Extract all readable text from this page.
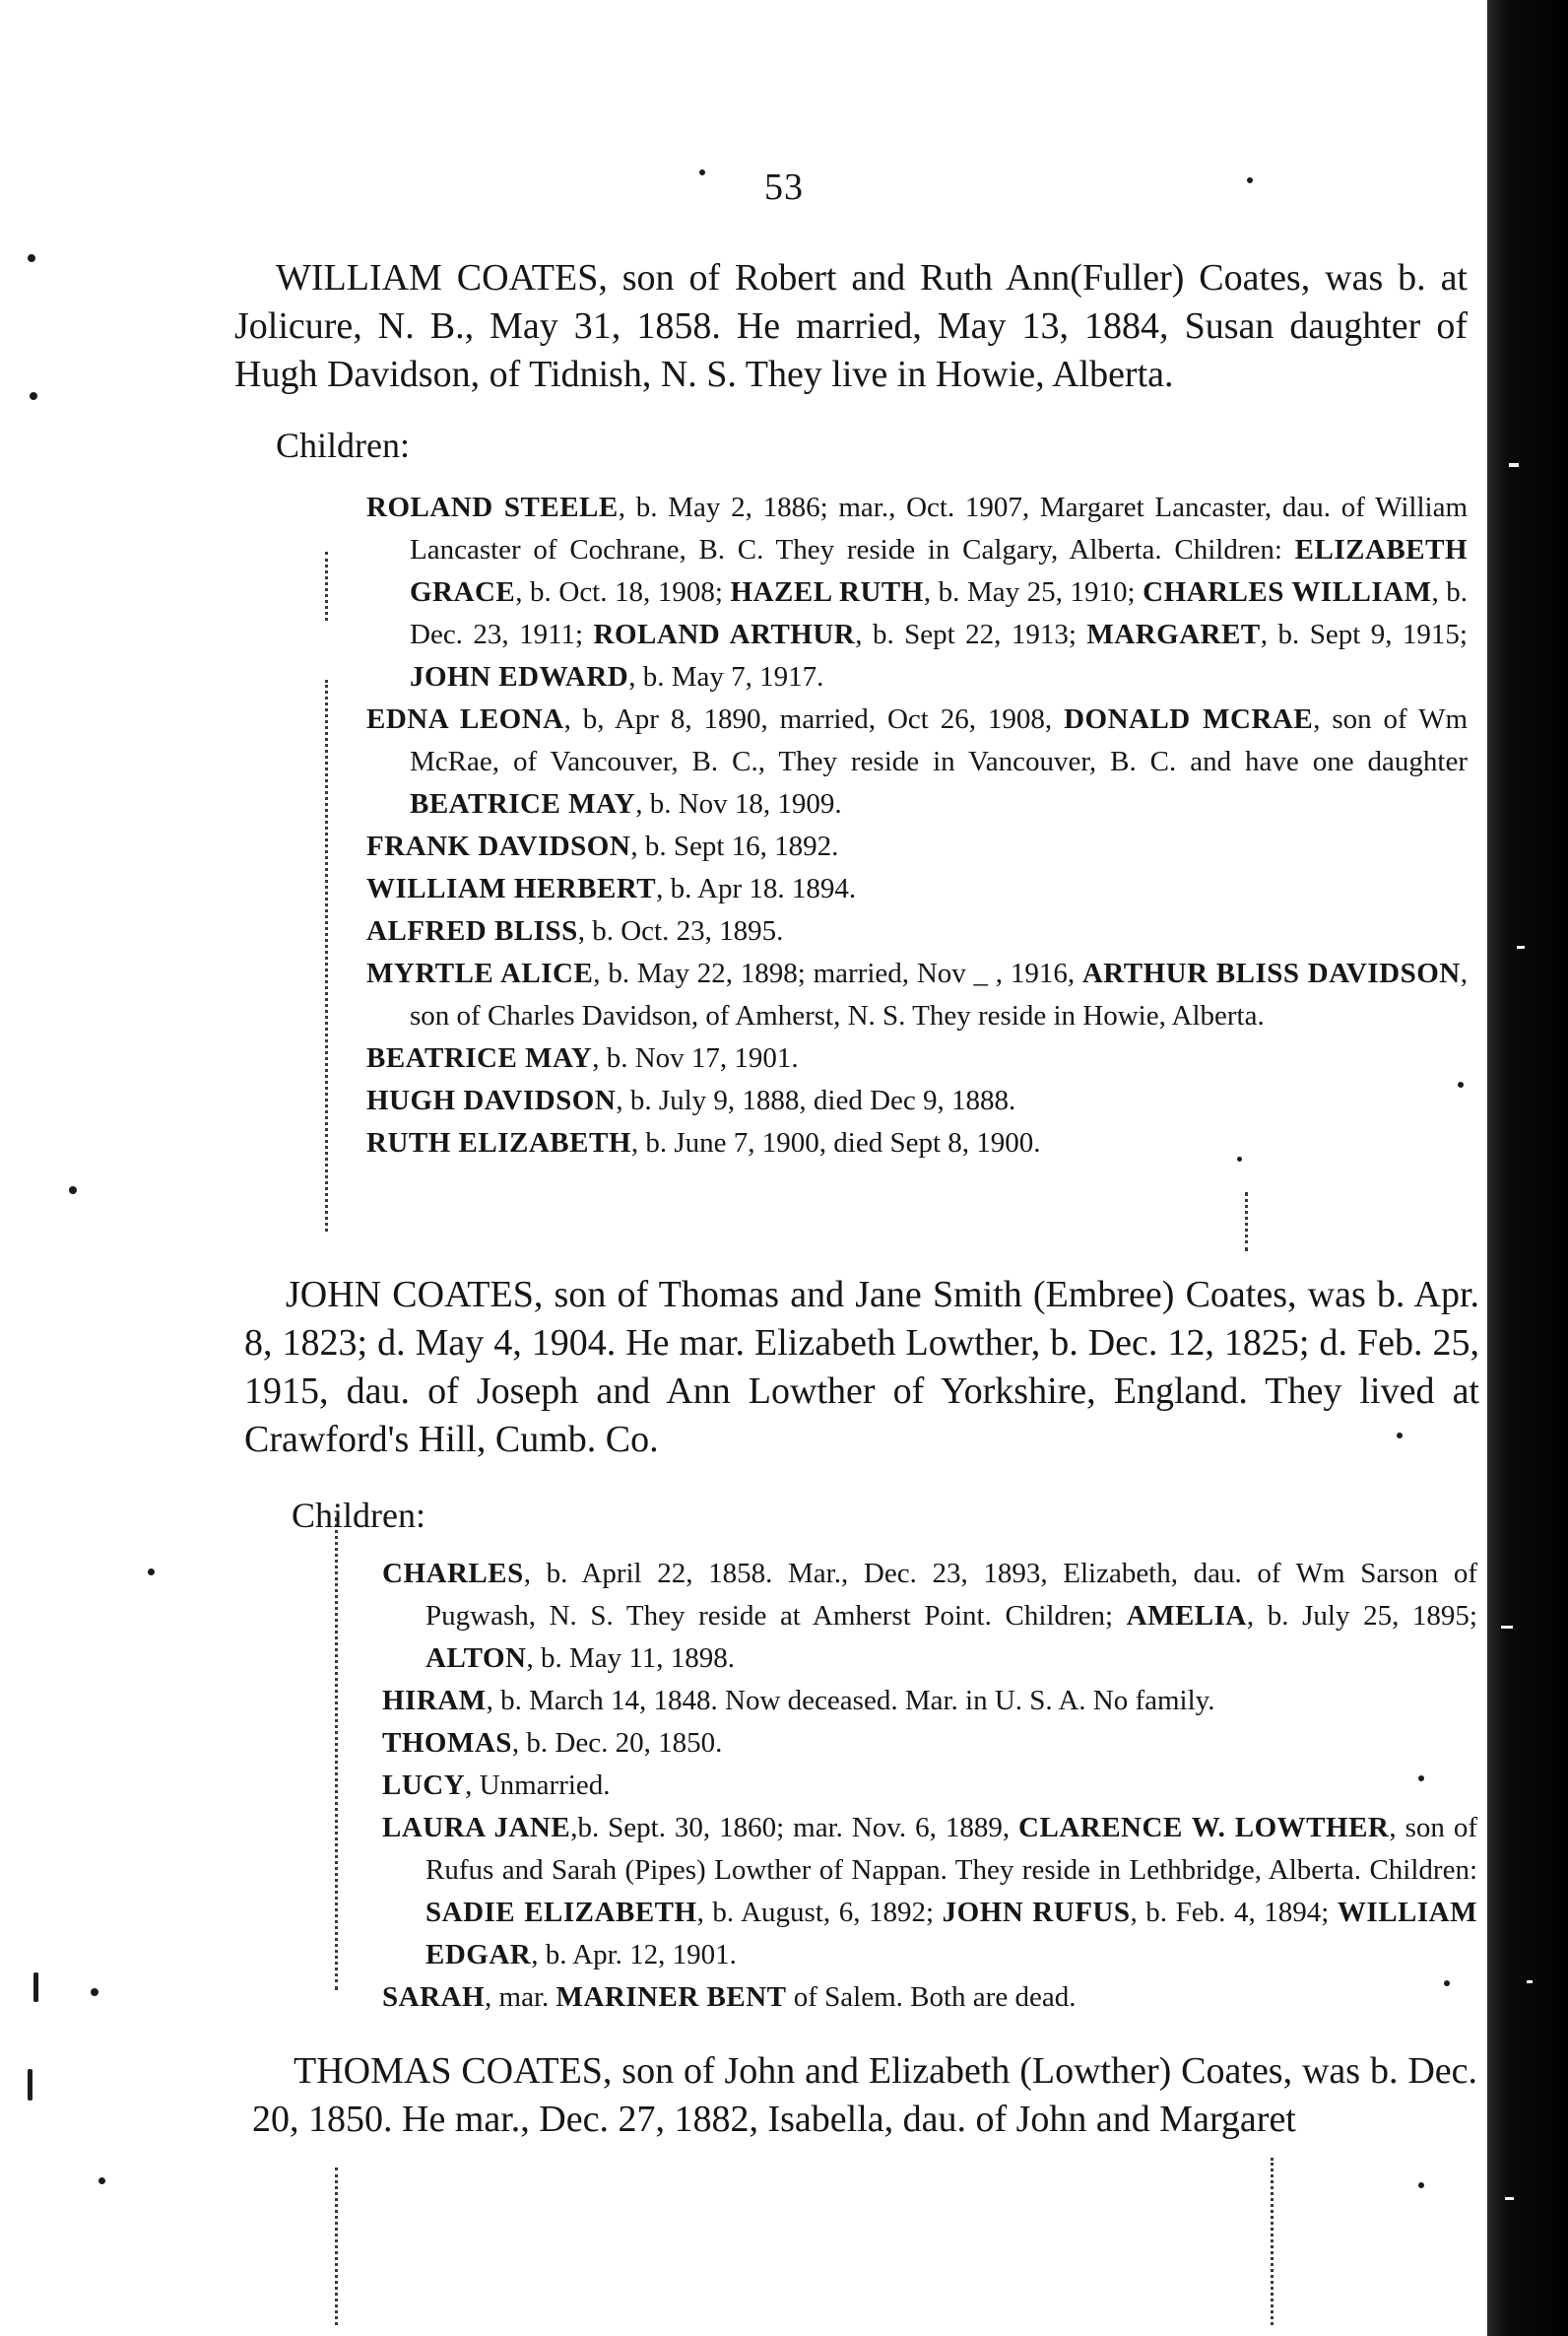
53

WILLIAM COATES, son of Robert and Ruth Ann(Fuller) Coates, was b. at Jolicure, N. B., May 31, 1858. He married, May 13, 1884, Susan daughter of Hugh Davidson, of Tidnish, N. S. They live in Howie, Alberta.

Children:
ROLAND STEELE, b. May 2, 1886; mar., Oct. 1907, Margaret Lancaster, dau. of William Lancaster of Cochrane, B. C. They reside in Calgary, Alberta. Children: ELIZABETH GRACE, b. Oct. 18, 1908; HAZEL RUTH, b. May 25, 1910; CHARLES WILLIAM, b. Dec. 23, 1911; ROLAND ARTHUR, b. Sept 22, 1913; MARGARET, b. Sept 9, 1915; JOHN EDWARD, b. May 7, 1917.
EDNA LEONA, b, Apr 8, 1890, married, Oct 26, 1908, DONALD MCRAE, son of Wm McRae, of Vancouver, B. C., They reside in Vancouver, B. C. and have one daughter BEATRICE MAY, b. Nov 18, 1909.
FRANK DAVIDSON, b. Sept 16, 1892.
WILLIAM HERBERT, b. Apr 18. 1894.
ALFRED BLISS, b. Oct. 23, 1895.
MYRTLE ALICE, b. May 22, 1898; married, Nov _ , 1916, ARTHUR BLISS DAVIDSON, son of Charles Davidson, of Amherst, N. S. They reside in Howie, Alberta.
BEATRICE MAY, b. Nov 17, 1901.
HUGH DAVIDSON, b. July 9, 1888, died Dec 9, 1888.
RUTH ELIZABETH, b. June 7, 1900, died Sept 8, 1900.

JOHN COATES, son of Thomas and Jane Smith (Embree) Coates, was b. Apr. 8, 1823; d. May 4, 1904. He mar. Elizabeth Lowther, b. Dec. 12, 1825; d. Feb. 25, 1915, dau. of Joseph and Ann Lowther of Yorkshire, England. They lived at Crawford's Hill, Cumb. Co.

Children:
CHARLES, b. April 22, 1858. Mar., Dec. 23, 1893, Elizabeth, dau. of Wm Sarson of Pugwash, N. S. They reside at Amherst Point. Children; AMELIA, b. July 25, 1895; ALTON, b. May 11, 1898.
HIRAM, b. March 14, 1848. Now deceased. Mar. in U. S. A. No family.
THOMAS, b. Dec. 20, 1850.
LUCY, Unmarried.
LAURA JANE,b. Sept. 30, 1860; mar. Nov. 6, 1889, CLARENCE W. LOWTHER, son of Rufus and Sarah (Pipes) Lowther of Nappan. They reside in Lethbridge, Alberta. Children: SADIE ELIZABETH, b. August, 6, 1892; JOHN RUFUS, b. Feb. 4, 1894; WILLIAM EDGAR, b. Apr. 12, 1901.
SARAH, mar. MARINER BENT of Salem. Both are dead.

THOMAS COATES, son of John and Elizabeth (Lowther) Coates, was b. Dec. 20, 1850. He mar., Dec. 27, 1882, Isabella, dau. of John and Margaret
